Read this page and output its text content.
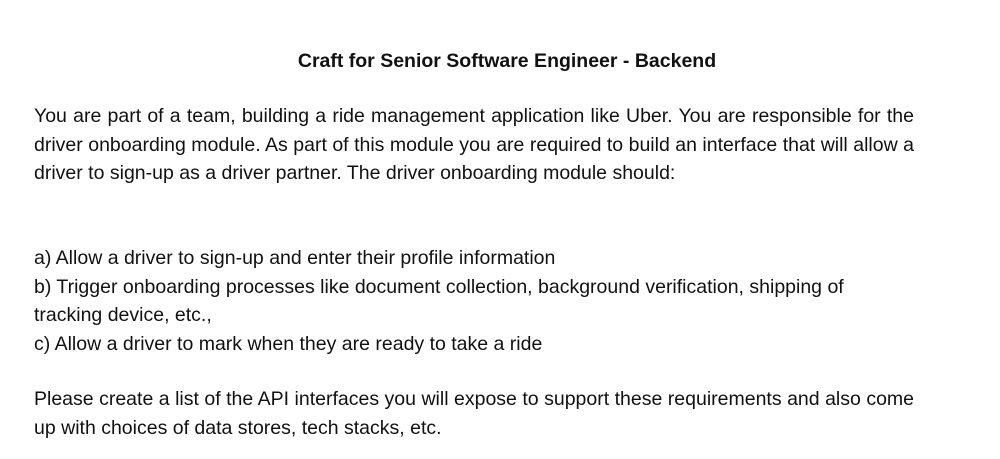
Craft for Senior Software Engineer - Backend

You are part of a team, building a ride management application like Uber. You are responsible for the driver onboarding module. As part of this module you are required to build an interface that will allow a driver to sign-up as a driver partner. The driver onboarding module should:

a) Allow a driver to sign-up and enter their profile information
b) Trigger onboarding processes like document collection, background verification, shipping of tracking device, etc.,
c) Allow a driver to mark when they are ready to take a ride

Please create a list of the API interfaces you will expose to support these requirements and also come up with choices of data stores, tech stacks, etc.
